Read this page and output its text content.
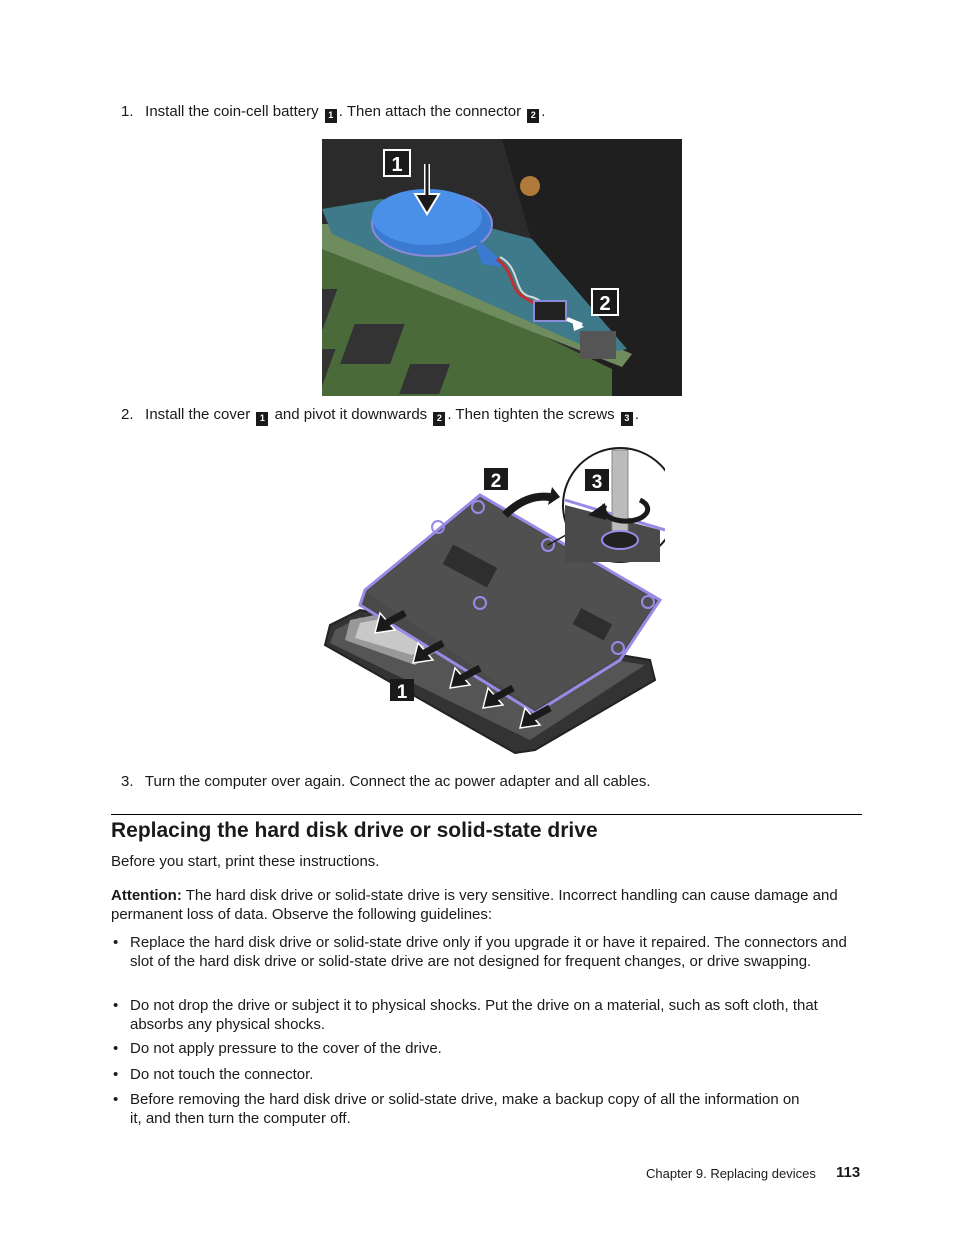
1. Install the coin-cell battery 1 . Then attach the connector 2 .
1
2
2. Install the cover 1 and pivot it downwards 2 . Then tighten the screws 3 .
2	3
1
3. Turn the computer over again. Connect the ac power adapter and all cables.
Replacing the hard disk drive or solid-state drive
Before you start, print these instructions.
Attention: The hard disk drive or solid-state drive is very sensitive. Incorrect handling can cause damage and permanent loss of data. Observe the following guidelines:
• Replace the hard disk drive or solid-state drive only if you upgrade it or have it repaired. The connectors and slot of the hard disk drive or solid-state drive are not designed for frequent changes, or drive swapping.
• Do not drop the drive or subject it to physical shocks. Put the drive on a material, such as soft cloth, that absorbs any physical shocks.
• Do not apply pressure to the cover of the drive.
• Do not touch the connector.
• Before removing the hard disk drive or solid-state drive, make a backup copy of all the information on it, and then turn the computer off.
Chapter 9. Replacing devices 113
